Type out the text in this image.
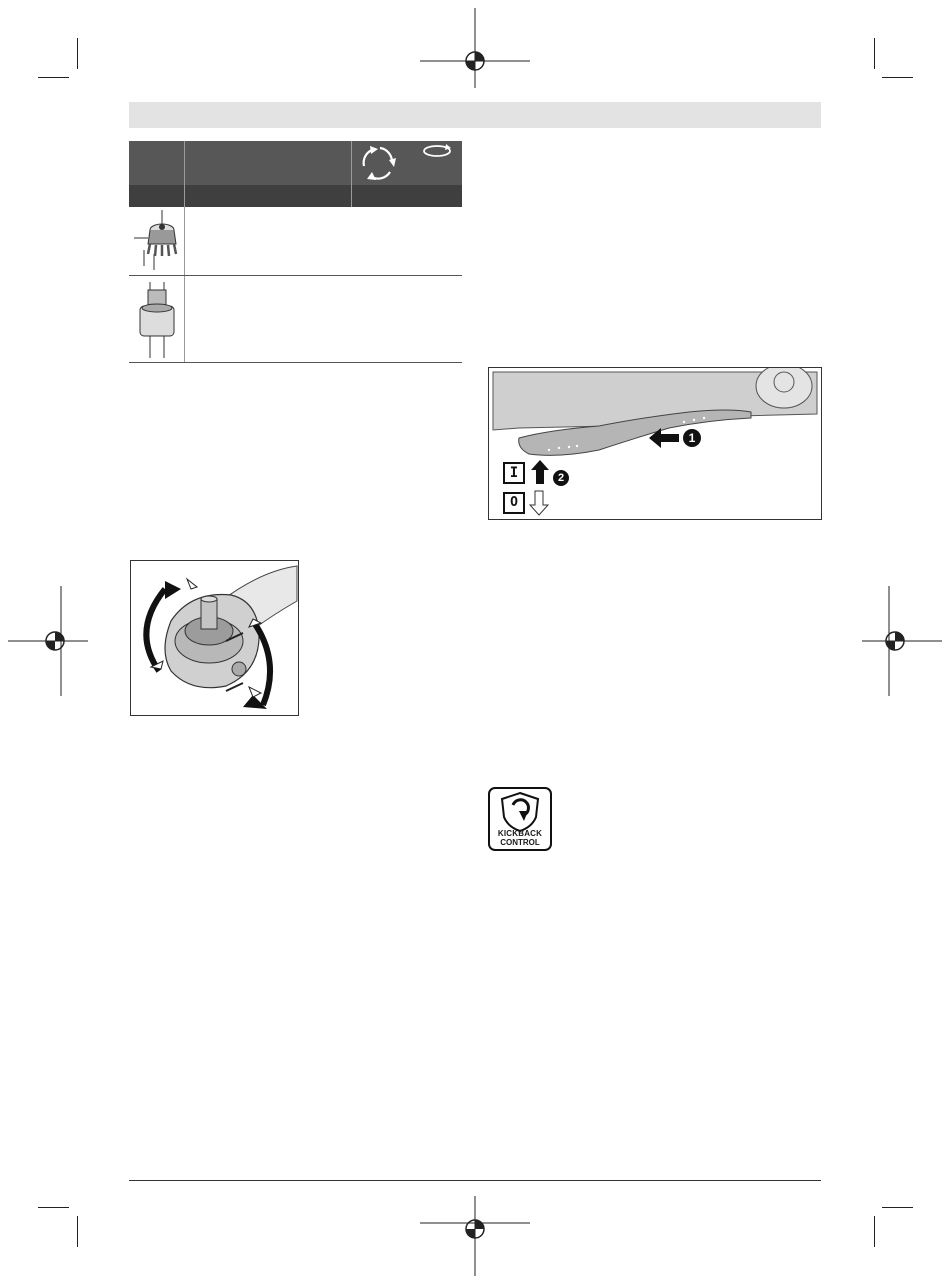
1
I	2
O
KICKBACK
CONTROL
